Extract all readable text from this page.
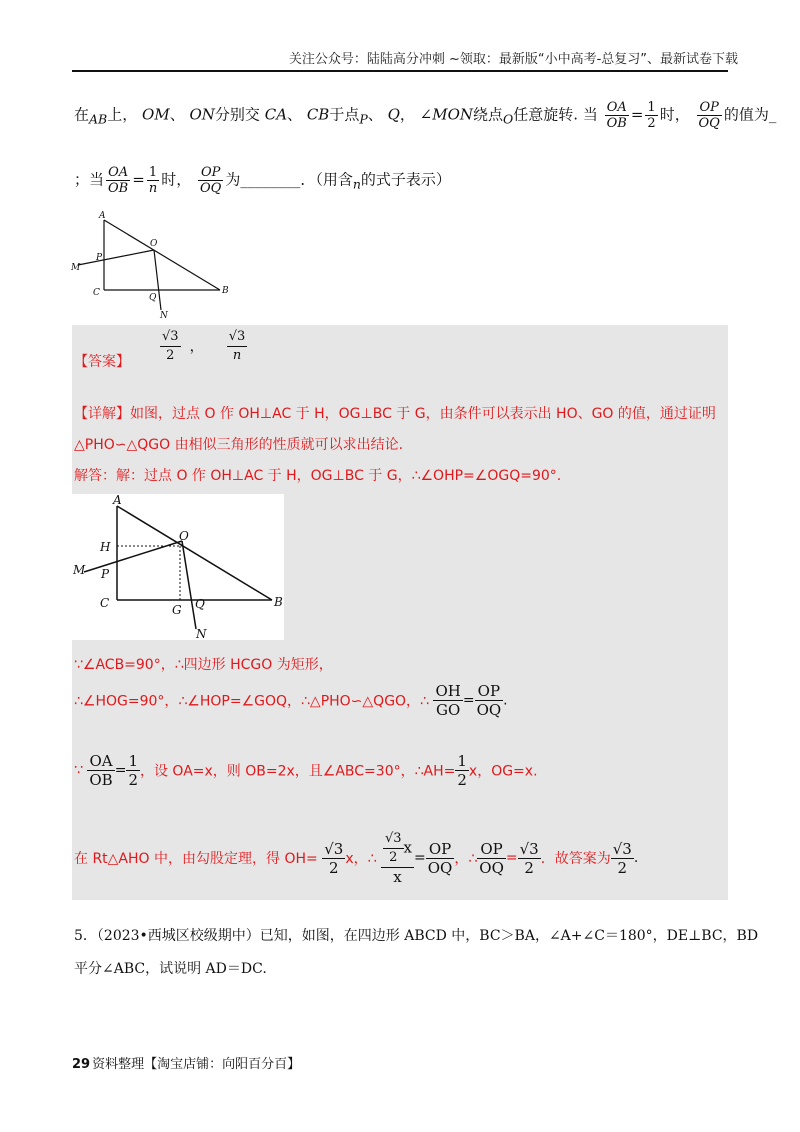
关注公众号：陆陆高分冲刺 ~领取：最新版“小中高考-总复习”、最新试卷下载
在$_{AB}$上， OM、 ON分别交 CA、 CB于点$_P$、 Q， ∠MON绕点$_O$任意旋转. 当 $\frac{OA}{OB} = \frac{1}{2}$ 时， $\frac{OP}{OQ}$ 的值为_
；当 $\frac{OA}{OB} = \frac{1}{n}$ 时， $\frac{OP}{OQ}$ 为________．（用含$_n$的式子表示）
A
O
M
P
C	Q
B
N
【答案】 $\frac{√3}{2}$ ， $\frac{√3}{n}$
【详解】如图，过点 O 作 OH⊥AC 于 H，OG⊥BC 于 G，由条件可以表示出 HO、GO 的值，通过证明
△PHO∽△QGO 由相似三角形的性质就可以求出结论.
解答：解：过点 O 作 OH⊥AC 于 H，OG⊥BC 于 G，∴∠OHP=∠OGQ=90°.
A
H
O
M P
C	G Q	B
N
∵∠ACB=90°，∴四边形 HCGO 为矩形，
∴∠HOG=90°，∴∠HOP=∠GOQ，∴△PHO∽△QGO，∴ $\frac{OH}{GO} = \frac{OP}{OQ}$ .
∵ $\frac{OA}{OB} = \frac{1}{2}$ ，设 OA=x，则 OB=2x，且∠ABC=30°，∴AH= $\frac{1}{2}$ x，OG=x.
在 Rt△AHO 中，由勾股定理，得 $OH= \frac{√3}{2}$ x，∴ $\frac{\frac{√3}{2} x}{x} = \frac{OP}{OQ}$ ，∴ $\frac{OP}{OQ} = \frac{√3}{2}$ ．故答案为 $\frac{√3}{2}$ .
5．（2023•西城区校级期中）已知，如图，在四边形 ABCD 中，BC＞BA，∠A+∠C＝180°，DE⊥BC，BD
平分∠ABC，试说明 AD＝DC.
29 资料整理【淘宝店铺：向阳百分百】
